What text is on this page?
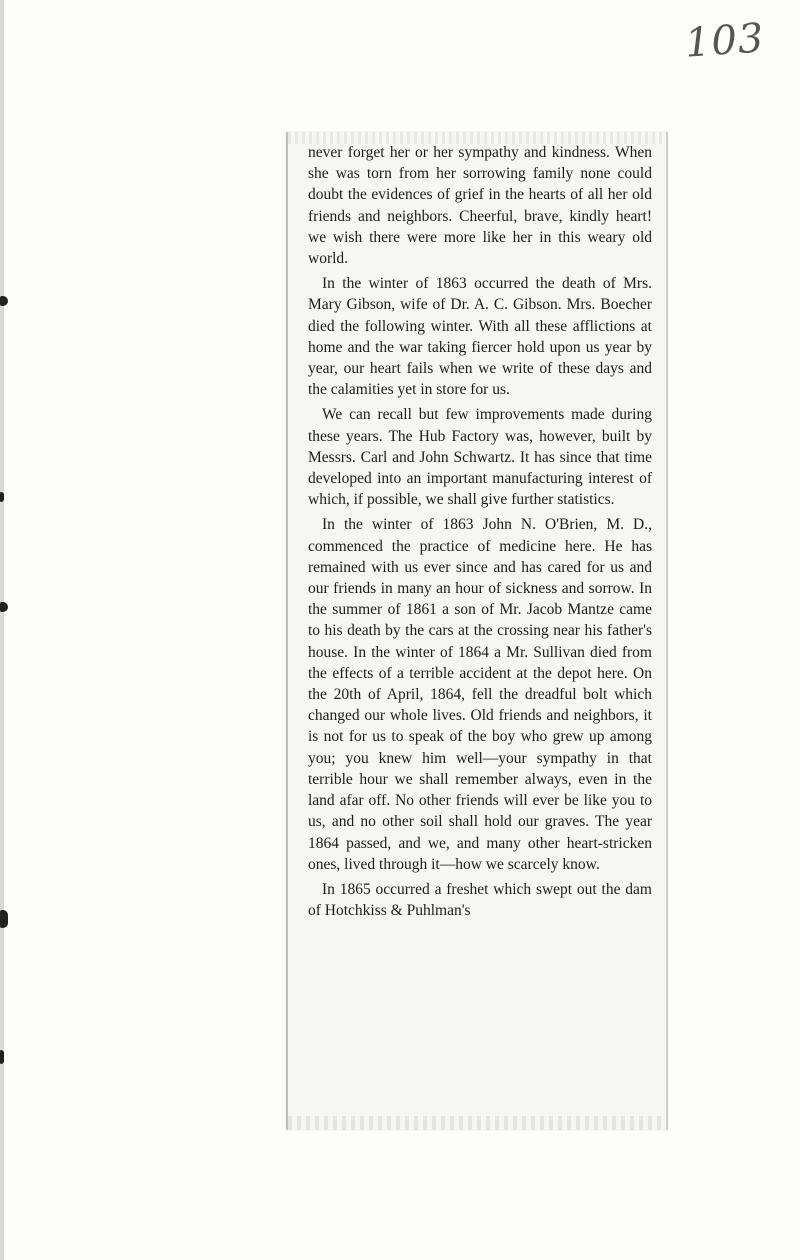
103

never forget her or her sympathy and kindness. When she was torn from her sorrowing family none could doubt the evidences of grief in the hearts of all her old friends and neighbors. Cheerful, brave, kindly heart! we wish there were more like her in this weary old world.

In the winter of 1863 occurred the death of Mrs. Mary Gibson, wife of Dr. A. C. Gibson. Mrs. Boecher died the following winter. With all these afflictions at home and the war taking fiercer hold upon us year by year, our heart fails when we write of these days and the calamities yet in store for us.

We can recall but few improvements made during these years. The Hub Factory was, however, built by Messrs. Carl and John Schwartz. It has since that time developed into an important manufacturing interest of which, if possible, we shall give further statistics.

In the winter of 1863 John N. O'Brien, M. D., commenced the practice of medicine here. He has remained with us ever since and has cared for us and our friends in many an hour of sickness and sorrow. In the summer of 1861 a son of Mr. Jacob Mantze came to his death by the cars at the crossing near his father's house. In the winter of 1864 a Mr. Sullivan died from the effects of a terrible accident at the depot here. On the 20th of April, 1864, fell the dreadful bolt which changed our whole lives. Old friends and neighbors, it is not for us to speak of the boy who grew up among you; you knew him well—your sympathy in that terrible hour we shall remember always, even in the land afar off. No other friends will ever be like you to us, and no other soil shall hold our graves. The year 1864 passed, and we, and many other heart-stricken ones, lived through it—how we scarcely know.

In 1865 occurred a freshet which swept out the dam of Hotchkiss & Puhlman's
